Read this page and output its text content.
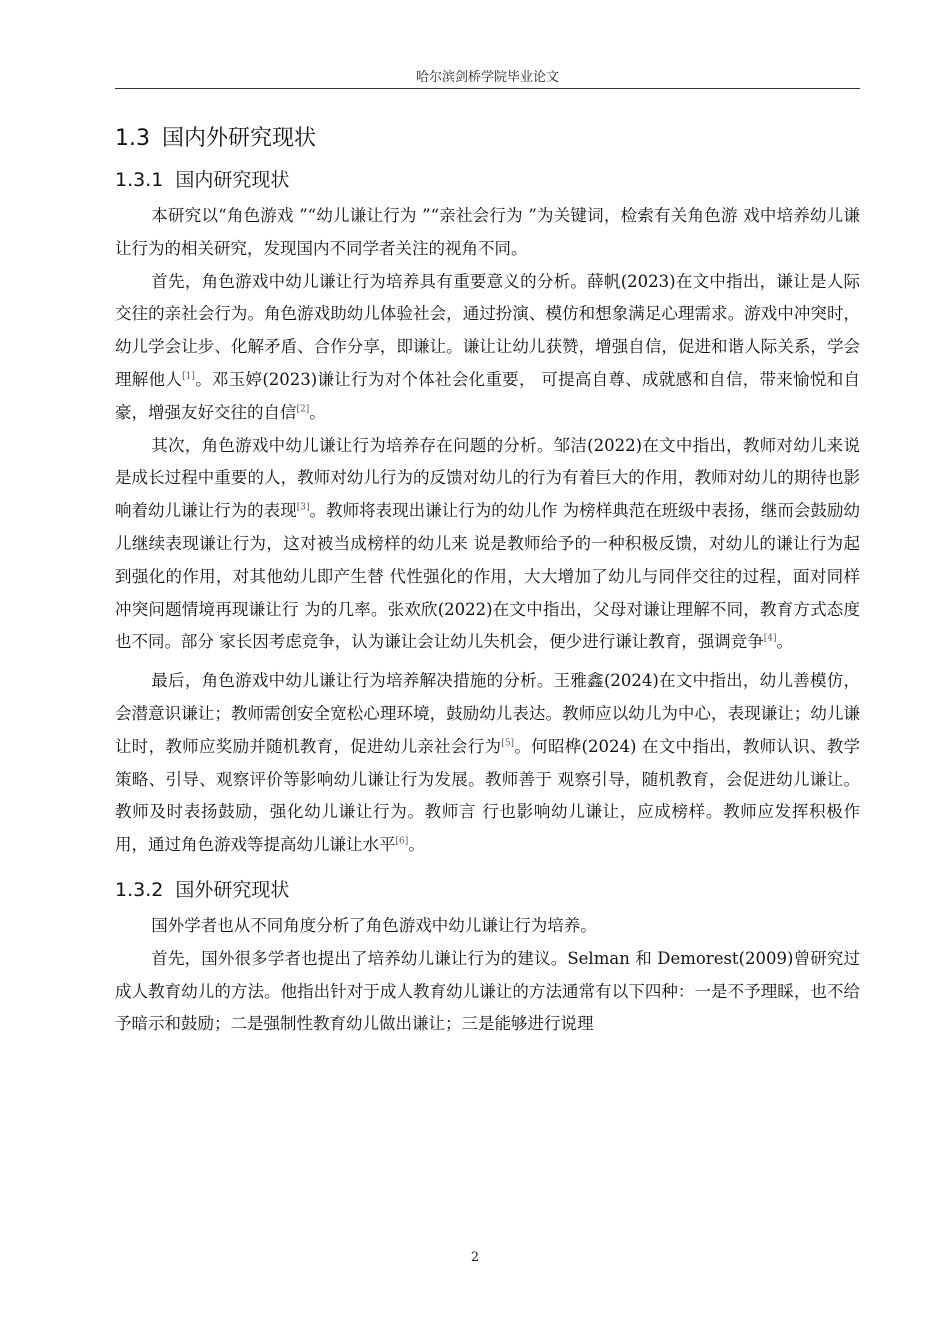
哈尔滨剑桥学院毕业论文
1.3 国内外研究现状
1.3.1 国内研究现状

本研究以“角色游戏 ”“幼儿谦让行为 ”“亲社会行为 ”为关键词，检索有关角色游 戏中培养幼儿谦让行为的相关研究，发现国内不同学者关注的视角不同。

首先，角色游戏中幼儿谦让行为培养具有重要意义的分析。薛帆(2023)在文中指出，谦让是人际交往的亲社会行为。角色游戏助幼儿体验社会，通过扮演、模仿和想象满足心理需求。游戏中冲突时，幼儿学会让步、化解矛盾、合作分享，即谦让。谦让让幼儿获赞，增强自信，促进和谐人际关系，学会理解他人[1]。邓玉婷(2023)谦让行为对个体社会化重要， 可提高自尊、成就感和自信，带来愉悦和自豪，增强友好交往的自信[2]。

其次，角色游戏中幼儿谦让行为培养存在问题的分析。邹洁(2022)在文中指出，教师对幼儿来说是成长过程中重要的人，教师对幼儿行为的反馈对幼儿的行为有着巨大的作用，教师对幼儿的期待也影响着幼儿谦让行为的表现[3]。教师将表现出谦让行为的幼儿作 为榜样典范在班级中表扬，继而会鼓励幼儿继续表现谦让行为，这对被当成榜样的幼儿来 说是教师给予的一种积极反馈，对幼儿的谦让行为起到强化的作用，对其他幼儿即产生替 代性强化的作用，大大增加了幼儿与同伴交往的过程，面对同样冲突问题情境再现谦让行 为的几率。张欢欣(2022)在文中指出，父母对谦让理解不同，教育方式态度也不同。部分 家长因考虑竞争，认为谦让会让幼儿失机会，便少进行谦让教育，强调竞争[4]。

最后，角色游戏中幼儿谦让行为培养解决措施的分析。王雅鑫(2024)在文中指出，幼儿善模仿，会潜意识谦让；教师需创安全宽松心理环境，鼓励幼儿表达。教师应以幼儿为中心，表现谦让；幼儿谦让时，教师应奖励并随机教育，促进幼儿亲社会行为[5]。何昭桦(2024) 在文中指出，教师认识、教学策略、引导、观察评价等影响幼儿谦让行为发展。教师善于 观察引导，随机教育，会促进幼儿谦让。教师及时表扬鼓励，强化幼儿谦让行为。教师言 行也影响幼儿谦让，应成榜样。教师应发挥积极作用，通过角色游戏等提高幼儿谦让水平[6]。

1.3.2 国外研究现状

国外学者也从不同角度分析了角色游戏中幼儿谦让行为培养。

首先，国外很多学者也提出了培养幼儿谦让行为的建议。Selman 和 Demorest(2009)曾研究过成人教育幼儿的方法。他指出针对于成人教育幼儿谦让的方法通常有以下四种：一是不予理睬，也不给予暗示和鼓励；二是强制性教育幼儿做出谦让；三是能够进行说理

2
